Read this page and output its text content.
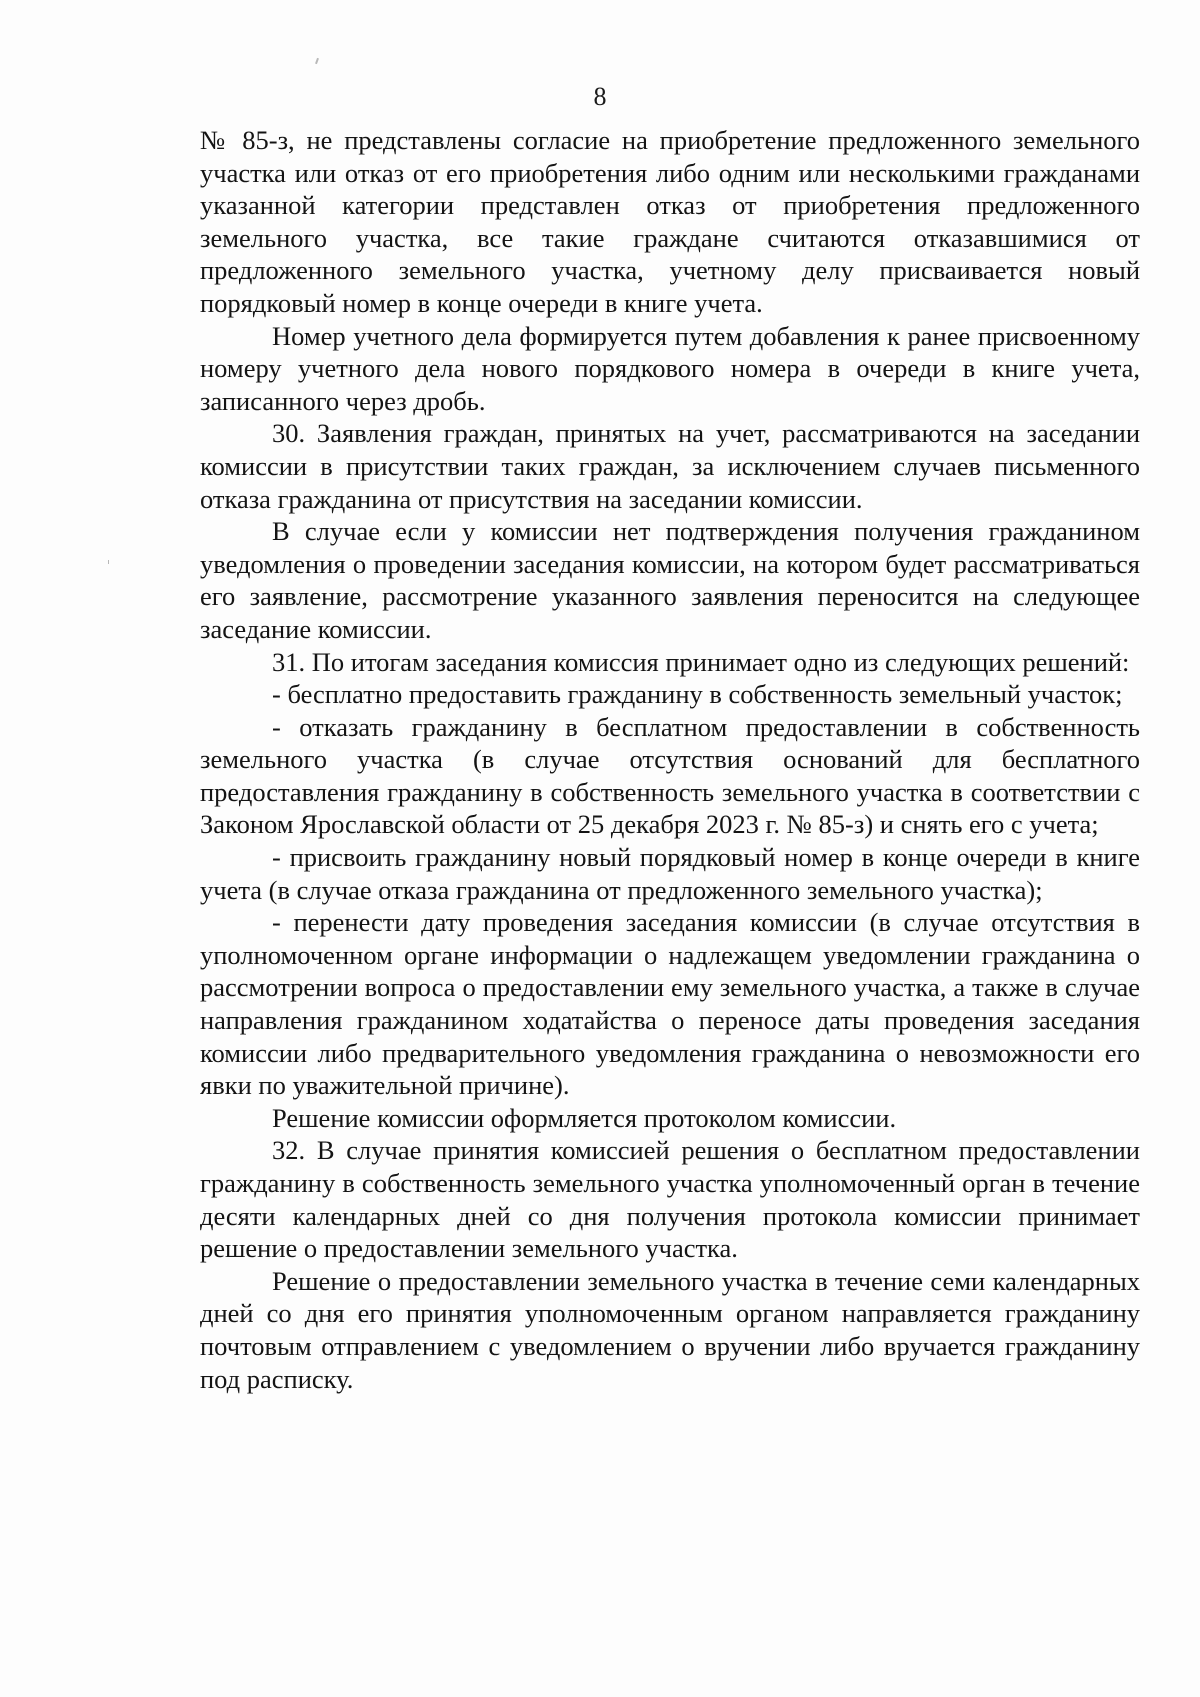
8

№ 85-з, не представлены согласие на приобретение предложенного земельного участка или отказ от его приобретения либо одним или несколькими гражданами указанной категории представлен отказ от приобретения предложенного земельного участка, все такие граждане считаются отказавшимися от предложенного земельного участка, учетному делу присваивается новый порядковый номер в конце очереди в книге учета.

Номер учетного дела формируется путем добавления к ранее присвоенному номеру учетного дела нового порядкового номера в очереди в книге учета, записанного через дробь.

30. Заявления граждан, принятых на учет, рассматриваются на заседании комиссии в присутствии таких граждан, за исключением случаев письменного отказа гражданина от присутствия на заседании комиссии.

В случае если у комиссии нет подтверждения получения гражданином уведомления о проведении заседания комиссии, на котором будет рассматриваться его заявление, рассмотрение указанного заявления переносится на следующее заседание комиссии.

31. По итогам заседания комиссия принимает одно из следующих решений:

- бесплатно предоставить гражданину в собственность земельный участок;

- отказать гражданину в бесплатном предоставлении в собственность земельного участка (в случае отсутствия оснований для бесплатного предоставления гражданину в собственность земельного участка в соответствии с Законом Ярославской области от 25 декабря 2023 г. № 85-з) и снять его с учета;

- присвоить гражданину новый порядковый номер в конце очереди в книге учета (в случае отказа гражданина от предложенного земельного участка);

- перенести дату проведения заседания комиссии (в случае отсутствия в уполномоченном органе информации о надлежащем уведомлении гражданина о рассмотрении вопроса о предоставлении ему земельного участка, а также в случае направления гражданином ходатайства о переносе даты проведения заседания комиссии либо предварительного уведомления гражданина о невозможности его явки по уважительной причине).

Решение комиссии оформляется протоколом комиссии.

32. В случае принятия комиссией решения о бесплатном предоставлении гражданину в собственность земельного участка уполномоченный орган в течение десяти календарных дней со дня получения протокола комиссии принимает решение о предоставлении земельного участка.

Решение о предоставлении земельного участка в течение семи календарных дней со дня его принятия уполномоченным органом направляется гражданину почтовым отправлением с уведомлением о вручении либо вручается гражданину под расписку.
